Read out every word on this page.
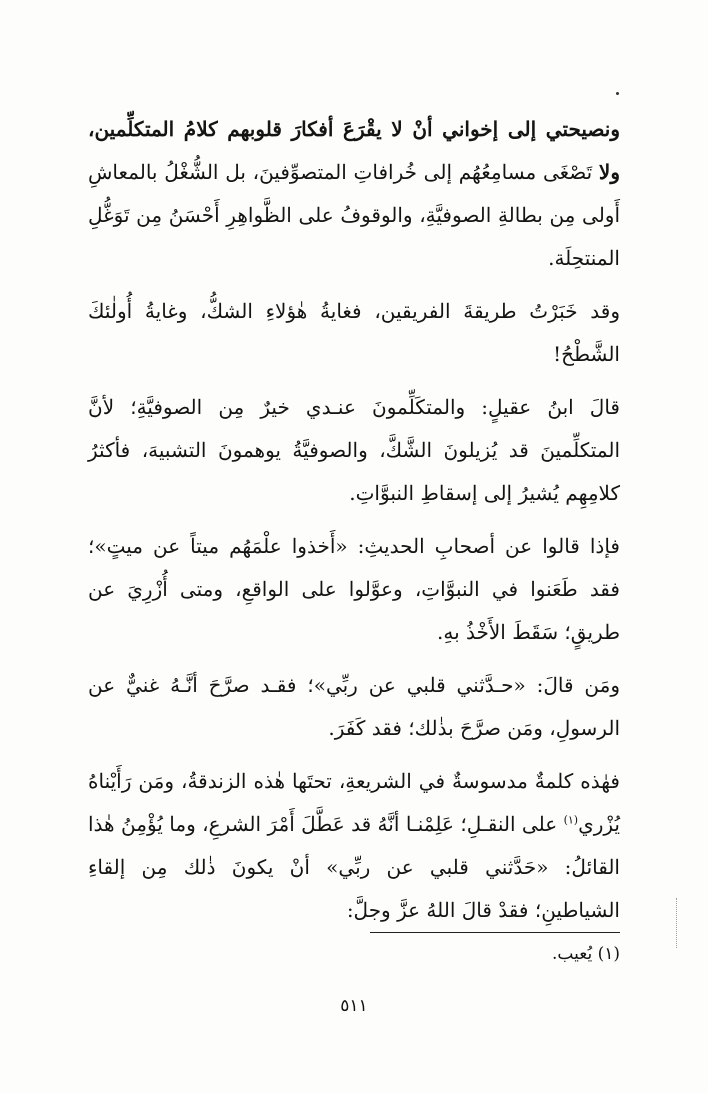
ونصيحتي إلى إخواني أنْ لا يقْرَعَ أفكارَ قلوبهم كلامُ المتكلِّمين، ولا تَصْغَى مسامِعُهُم إلى خُرافاتِ المتصوِّفينَ، بل الشُّغْلُ بالمعاشِ أَولى مِن بطالةِ الصوفيَّةِ، والوقوفُ على الظَّواهِرِ أَحْسَنُ مِن تَوَغُّلِ المنتحِلَة.

وقد خَبَرْتُ طريقةَ الفريقين، فغايةُ هٰؤلاءِ الشكُّ، وغايةُ أُولٰئكَ الشَّطْحُ!

قالَ ابنُ عقيلٍ: والمتكَلِّمونَ عنـدي خيرٌ مِن الصوفيَّةِ؛ لأنَّ المتكلِّمينَ قد يُزيلونَ الشَّكَّ، والصوفيَّةُ يوهمونَ التشبيهَ، فأكثرُ كلامِهِم يُشيرُ إلى إسقاطِ النبوَّاتِ.

فإذا قالوا عن أصحابِ الحديثِ: «أَخذوا علْمَهُم ميتاً عن ميتٍ»؛ فقد طَعَنوا في النبوَّاتِ، وعوَّلوا على الواقعِ، ومتى أُزْرِيَ عن طريقٍ؛ سَقَطَ الأَخْذُ بهِ.

ومَن قالَ: «حـدَّثني قلبي عن ربِّي»؛ فقـد صرَّحَ أنَّـهُ غنيٌّ عن الرسولِ، ومَن صرَّحَ بذٰلك؛ فقد كَفَرَ.

فهٰذه كلمةٌ مدسوسةٌ في الشريعةِ، تحتَها هٰذه الزندقةُ، ومَن رَأَيْناهُ يُزْري$^{(١)}$ على النقـلِ؛ عَلِمْنـا أنَّهُ قد عَطَّلَ أَمْرَ الشرعِ، وما يُؤْمِنُ هٰذا القائلُ: «حَدَّثني قلبي عن ربِّي» أنْ يكونَ ذٰلك مِن إلقاءِ الشياطينِ؛ فقدْ قالَ اللهُ عزَّ وجلَّ:

(١) يُعيب.
٥١١
